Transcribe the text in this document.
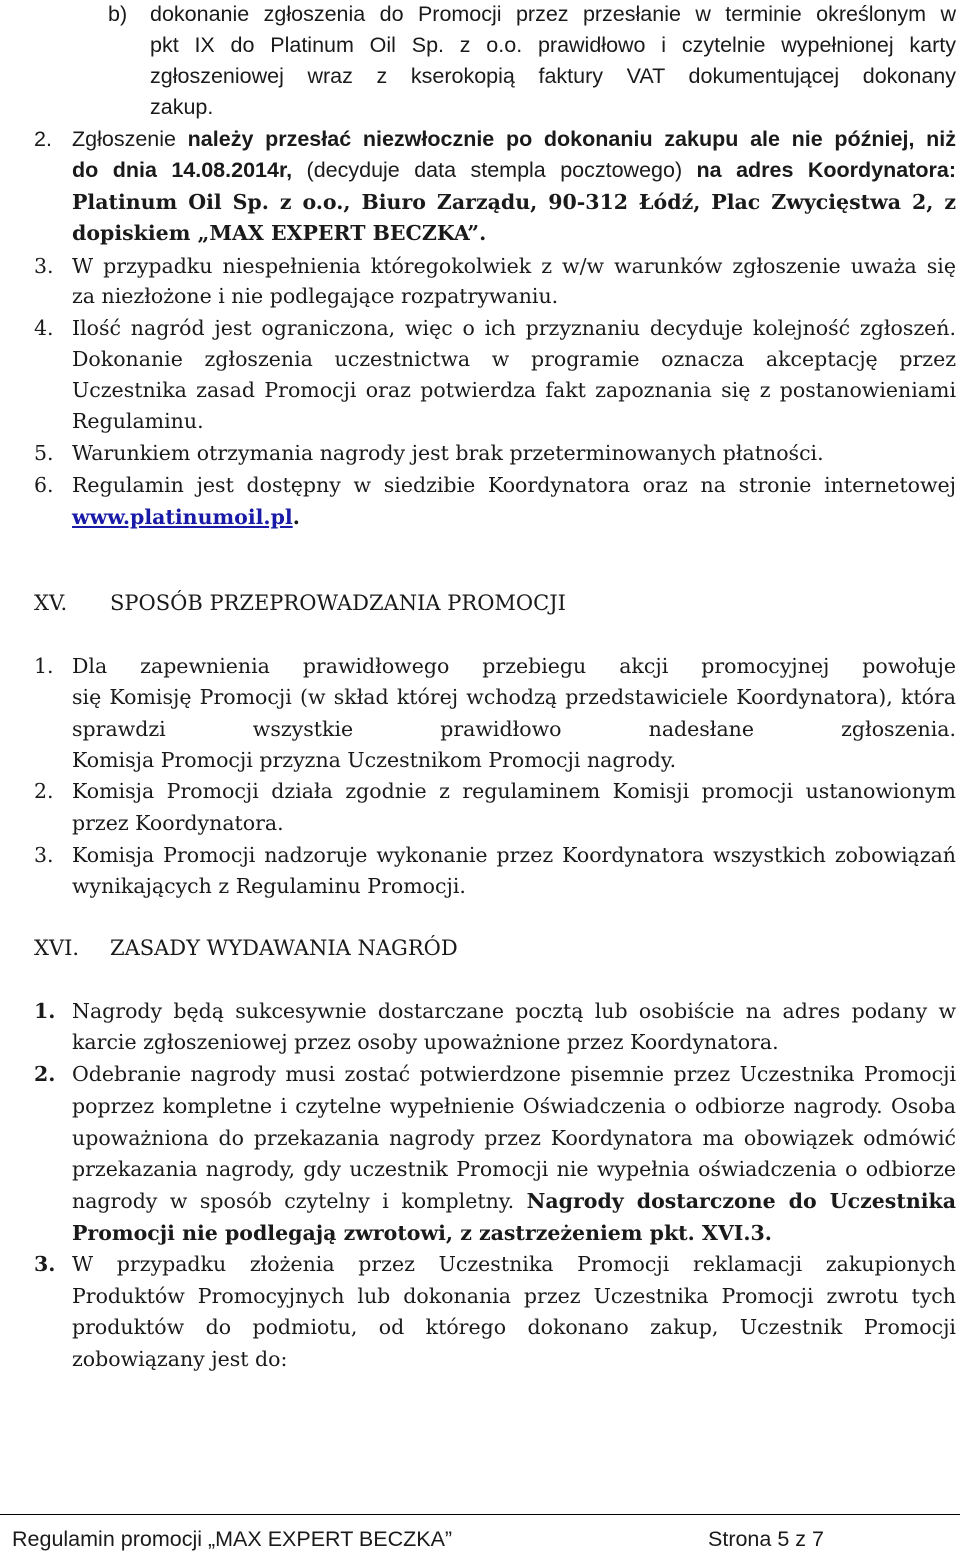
b) dokonanie zgłoszenia do Promocji przez przesłanie w terminie określonym w
pkt IX do Platinum Oil Sp. z o.o. prawidłowo i czytelnie wypełnionej karty
zgłoszeniowej wraz z kserokopią faktury VAT dokumentującej dokonany
zakup.
2. Zgłoszenie należy przesłać niezwłocznie po dokonaniu zakupu ale nie później, niż
do dnia 14.08.2014r, (decyduje data stempla pocztowego) na adres Koordynatora:
Platinum Oil Sp. z o.o., Biuro Zarządu, 90-312 Łódź, Plac Zwycięstwa 2, z
dopiskiem „MAX EXPERT BECZKA”.
3. W przypadku niespełnienia któregokolwiek z w/w warunków zgłoszenie uważa się
za niezłożone i nie podlegające rozpatrywaniu.
4. Ilość nagród jest ograniczona, więc o ich przyznaniu decyduje kolejność zgłoszeń.
Dokonanie zgłoszenia uczestnictwa w programie oznacza akceptację przez
Uczestnika zasad Promocji oraz potwierdza fakt zapoznania się z postanowieniami
Regulaminu.
5. Warunkiem otrzymania nagrody jest brak przeterminowanych płatności.
6. Regulamin jest dostępny w siedzibie Koordynatora oraz na stronie internetowej
www.platinumoil.pl.
XV. SPOSÓB PRZEPROWADZANIA PROMOCJI
1. Dla zapewnienia prawidłowego przebiegu akcji promocyjnej powołuje
się Komisję Promocji (w skład której wchodzą przedstawiciele Koordynatora), która
sprawdzi wszystkie prawidłowo nadesłane zgłoszenia.
Komisja Promocji przyzna Uczestnikom Promocji nagrody.
2. Komisja Promocji działa zgodnie z regulaminem Komisji promocji ustanowionym
przez Koordynatora.
3. Komisja Promocji nadzoruje wykonanie przez Koordynatora wszystkich zobowiązań
wynikających z Regulaminu Promocji.
XVI. ZASADY WYDAWANIA NAGRÓD
1. Nagrody będą sukcesywnie dostarczane pocztą lub osobiście na adres podany w
karcie zgłoszeniowej przez osoby upoważnione przez Koordynatora.
2. Odebranie nagrody musi zostać potwierdzone pisemnie przez Uczestnika Promocji
poprzez kompletne i czytelne wypełnienie Oświadczenia o odbiorze nagrody. Osoba
upoważniona do przekazania nagrody przez Koordynatora ma obowiązek odmówić
przekazania nagrody, gdy uczestnik Promocji nie wypełnia oświadczenia o odbiorze
nagrody w sposób czytelny i kompletny. Nagrody dostarczone do Uczestnika
Promocji nie podlegają zwrotowi, z zastrzeżeniem pkt. XVI.3.
3. W przypadku złożenia przez Uczestnika Promocji reklamacji zakupionych
Produktów Promocyjnych lub dokonania przez Uczestnika Promocji zwrotu tych
produktów do podmiotu, od którego dokonano zakup, Uczestnik Promocji
zobowiązany jest do:
Regulamin promocji „MAX EXPERT BECZKA”	Strona 5 z 7
